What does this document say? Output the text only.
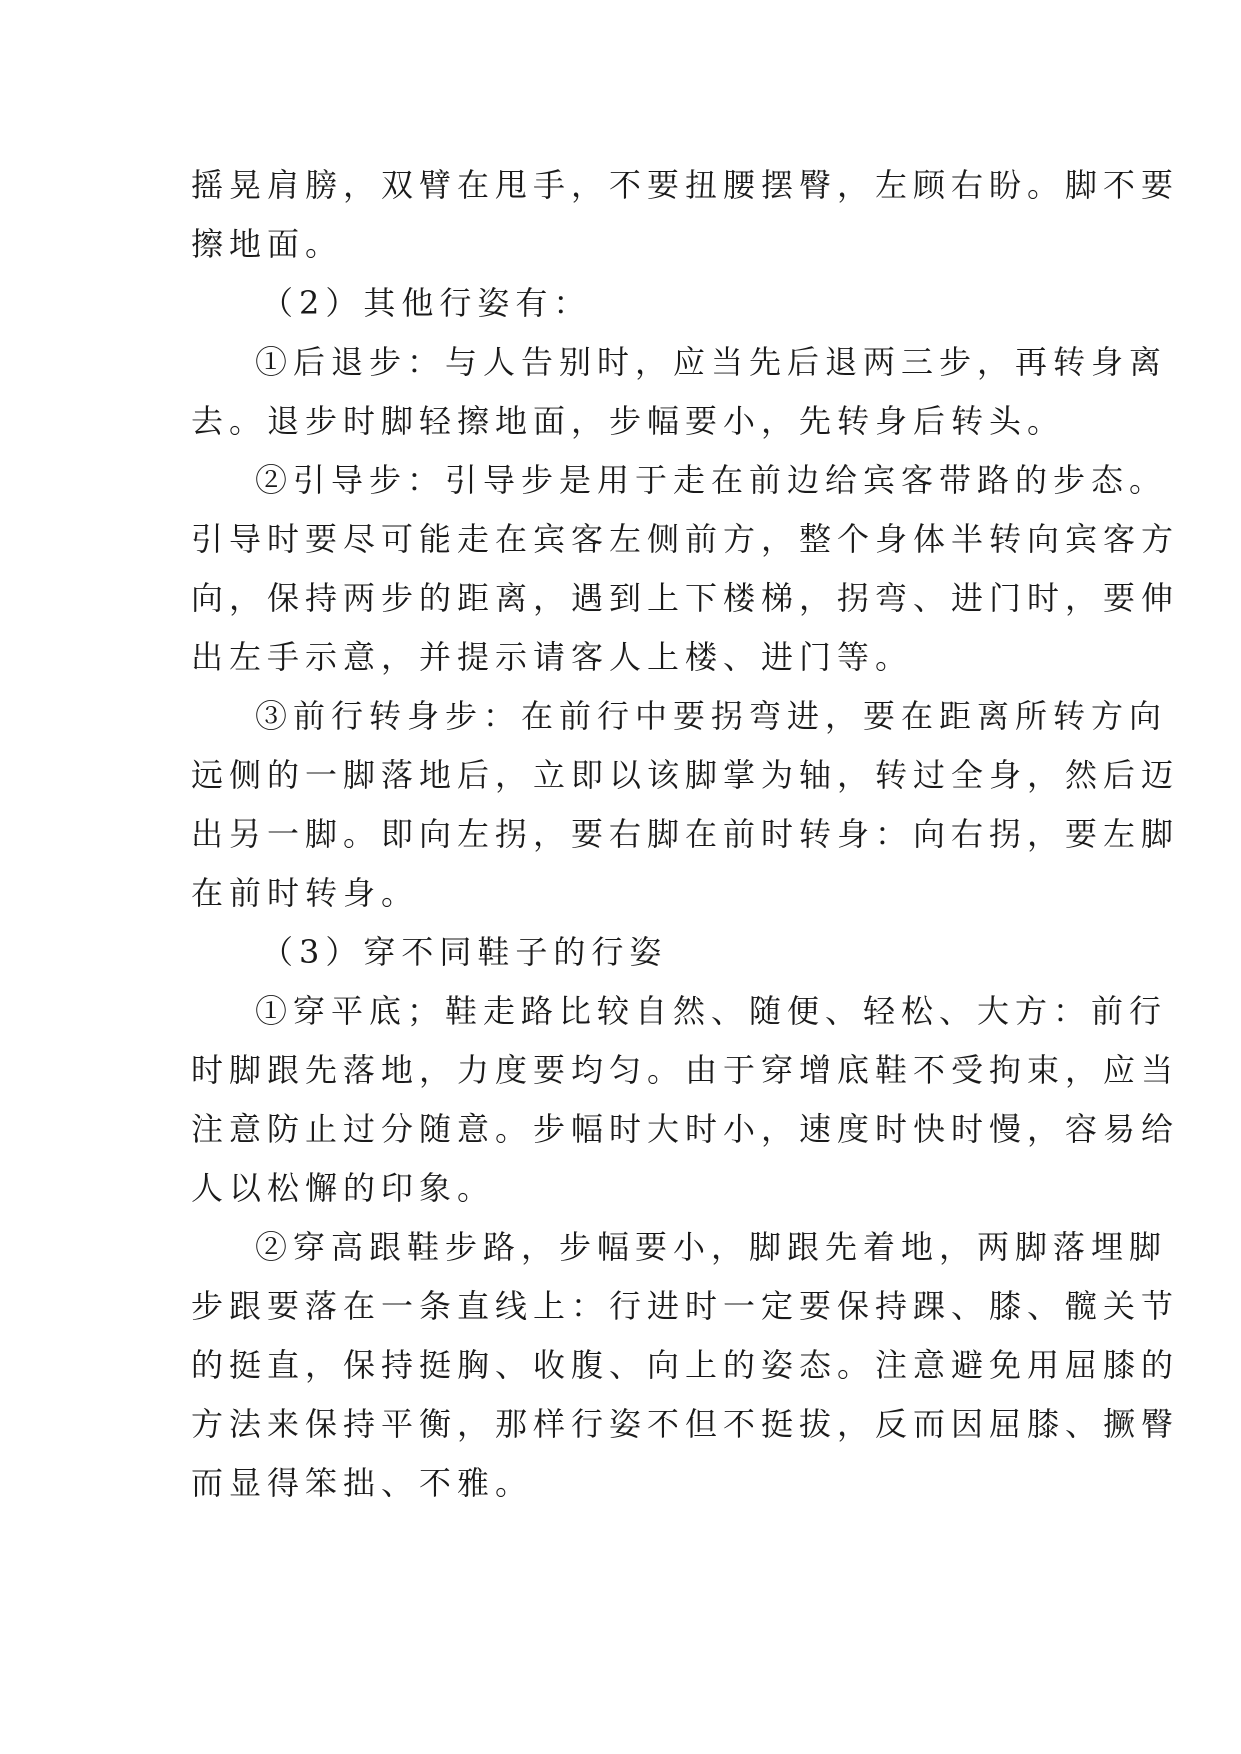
摇晃肩膀，双臂在甩手，不要扭腰摆臀，左顾右盼。脚不要
擦地面。
（2）其他行姿有：
①后退步：与人告别时，应当先后退两三步，再转身离
去。退步时脚轻擦地面，步幅要小，先转身后转头。
②引导步：引导步是用于走在前边给宾客带路的步态。
引导时要尽可能走在宾客左侧前方，整个身体半转向宾客方
向，保持两步的距离，遇到上下楼梯，拐弯、进门时，要伸
出左手示意，并提示请客人上楼、进门等。
③前行转身步：在前行中要拐弯进，要在距离所转方向
远侧的一脚落地后，立即以该脚掌为轴，转过全身，然后迈
出另一脚。即向左拐，要右脚在前时转身：向右拐，要左脚
在前时转身。
（3）穿不同鞋子的行姿
①穿平底；鞋走路比较自然、随便、轻松、大方：前行
时脚跟先落地，力度要均匀。由于穿增底鞋不受拘束，应当
注意防止过分随意。步幅时大时小，速度时快时慢，容易给
人以松懈的印象。
②穿高跟鞋步路，步幅要小，脚跟先着地，两脚落埋脚
步跟要落在一条直线上：行进时一定要保持踝、膝、髋关节
的挺直，保持挺胸、收腹、向上的姿态。注意避免用屈膝的
方法来保持平衡，那样行姿不但不挺拔，反而因屈膝、撅臀
而显得笨拙、不雅。
